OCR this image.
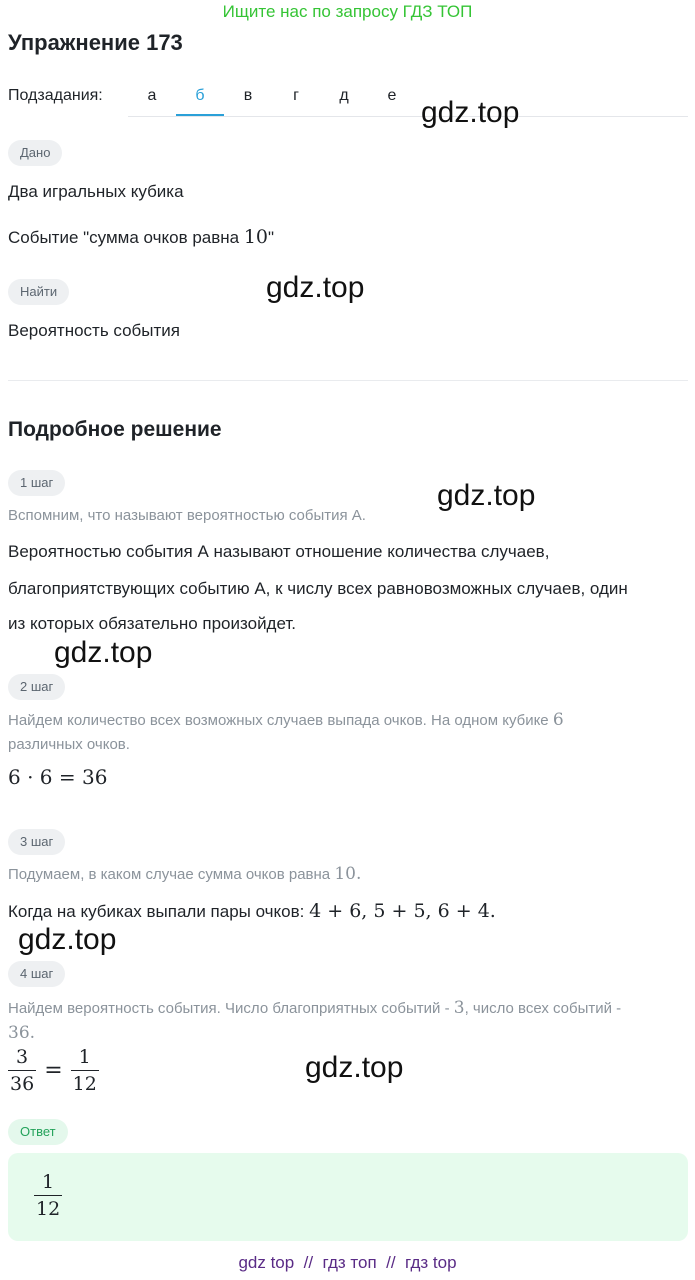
Ищите нас по запросу ГДЗ ТОП
Упражнение 173
Подзадания:	а	б	в	г	д	е
gdz.top
Дано
Два игральных кубика
Событие "сумма очков равна 10"
Найти	gdz.top
Вероятность события
Подробное решение
1 шаг	gdz.top
Вспомним, что называют вероятностью события А.
Вероятностью события А называют отношение количества случаев,
благоприятствующих событию А, к числу всех равновозможных случаев, один
из которых обязательно произойдет.
gdz.top
2 шаг
Найдем количество всех возможных случаев выпада очков. На одном кубике 6
различных очков.
6 · 6 = 36
3 шаг
Подумаем, в каком случае сумма очков равна 10.
Когда на кубиках выпали пары очков: 4 + 6, 5 + 5, 6 + 4.
gdz.top
4 шаг
Найдем вероятность события. Число благоприятных событий - 3, число всех событий -
36.
$\frac{3}{36} = \frac{1}{12}$	gdz.top
Ответ
$\frac{1}{12}$
gdz top  //  гдз топ  //  гдз top
